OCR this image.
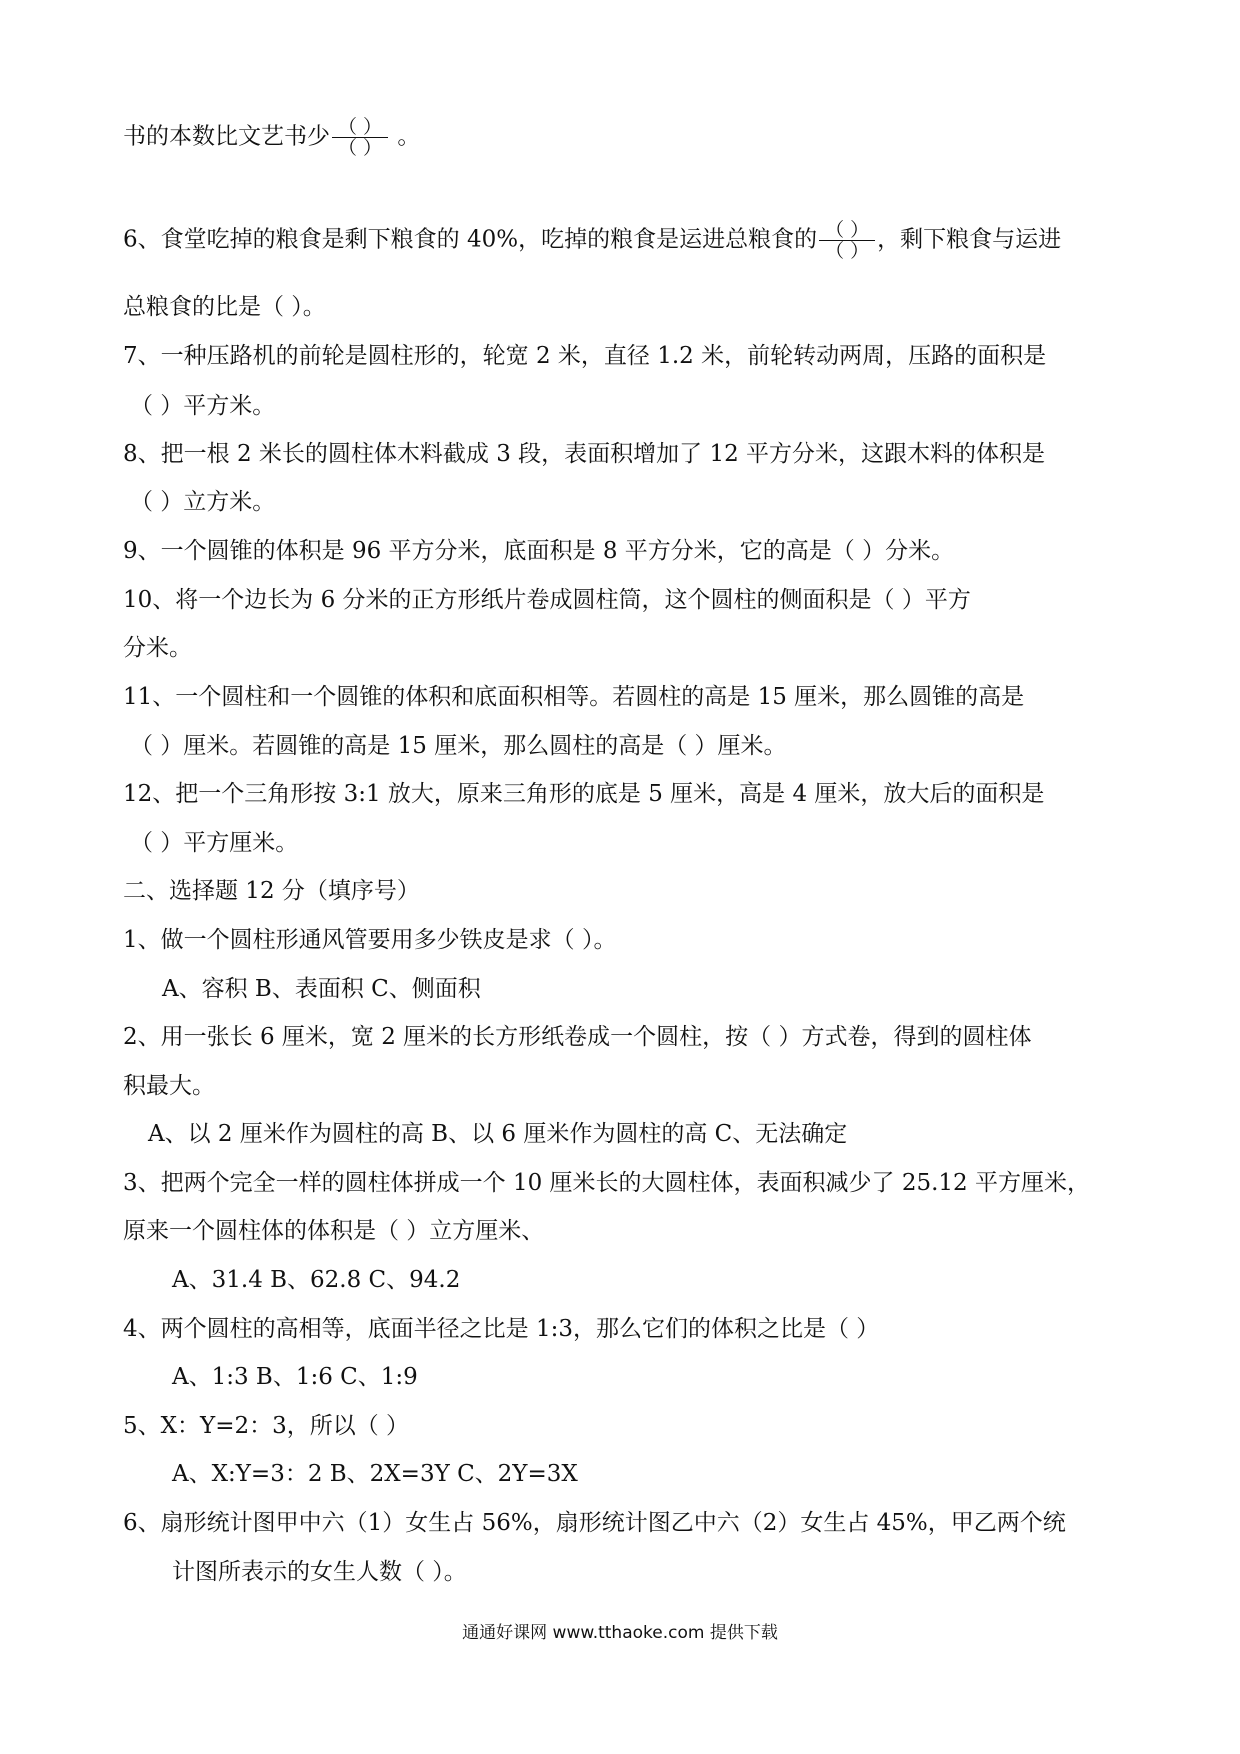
书的本数比文艺书少 $\frac{( )}{( )}$ 。
6、食堂吃掉的粮食是剩下粮食的 40%，吃掉的粮食是运进总粮食的 $\frac{( )}{( )}$ ，剩下粮食与运进
总粮食的比是（ ）。
7、一种压路机的前轮是圆柱形的，轮宽 2 米，直径 1.2 米，前轮转动两周，压路的面积是
（ ）平方米。
8、把一根 2 米长的圆柱体木料截成 3 段，表面积增加了 12 平方分米，这跟木料的体积是
（ ）立方米。
9、一个圆锥的体积是 96 平方分米，底面积是 8 平方分米，它的高是（ ）分米。
10、将一个边长为 6 分米的正方形纸片卷成圆柱筒，这个圆柱的侧面积是（ ）平方
分米。
11、一个圆柱和一个圆锥的体积和底面积相等。若圆柱的高是 15 厘米，那么圆锥的高是
（ ）厘米。若圆锥的高是 15 厘米，那么圆柱的高是（ ）厘米。
12、把一个三角形按 3:1 放大，原来三角形的底是 5 厘米，高是 4 厘米，放大后的面积是
（ ）平方厘米。
二、选择题 12 分（填序号）
1、做一个圆柱形通风管要用多少铁皮是求（ ）。
A、容积 B、表面积 C、侧面积
2、用一张长 6 厘米，宽 2 厘米的长方形纸卷成一个圆柱，按（ ）方式卷，得到的圆柱体
积最大。
A、以 2 厘米作为圆柱的高 B、以 6 厘米作为圆柱的高 C、无法确定
3、把两个完全一样的圆柱体拼成一个 10 厘米长的大圆柱体，表面积减少了 25.12 平方厘米，
原来一个圆柱体的体积是（ ）立方厘米、
A、31.4 B、62.8 C、94.2
4、两个圆柱的高相等，底面半径之比是 1:3，那么它们的体积之比是（ ）
A、1:3 B、1:6 C、1:9
5、X：Y=2：3，所以（ ）
A、X:Y=3：2 B、2X=3Y C、2Y=3X
6、扇形统计图甲中六（1）女生占 56%，扇形统计图乙中六（2）女生占 45%，甲乙两个统
计图所表示的女生人数（ ）。
通通好课网 www.tthaoke.com 提供下载
